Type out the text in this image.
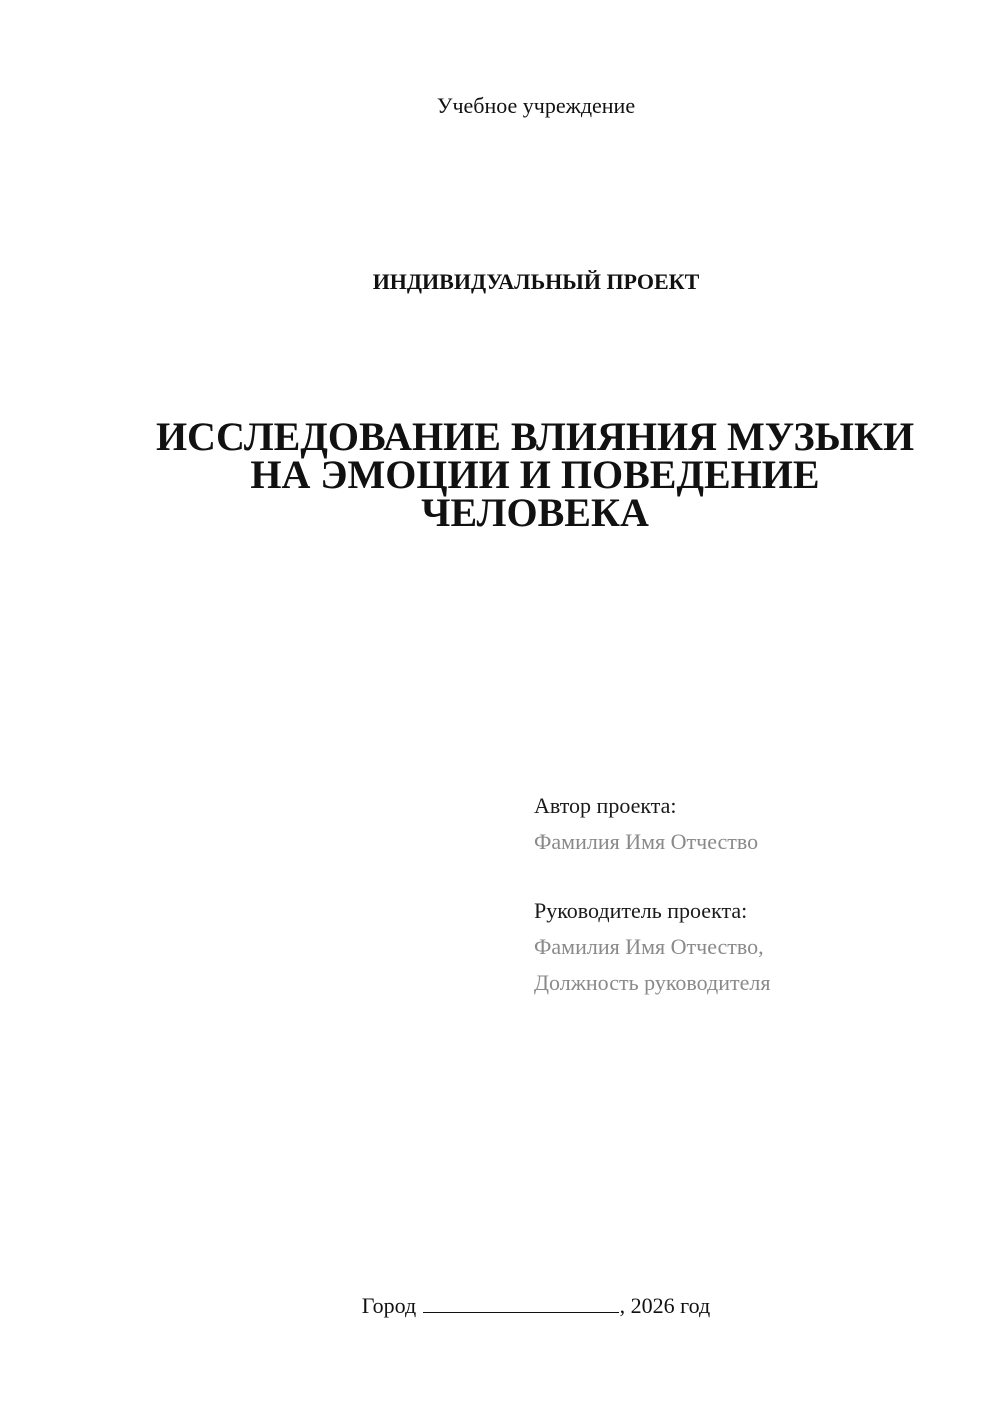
Учебное учреждение
ИНДИВИДУАЛЬНЫЙ ПРОЕКТ
ИССЛЕДОВАНИЕ ВЛИЯНИЯ МУЗЫКИ
НА ЭМОЦИИ И ПОВЕДЕНИЕ
ЧЕЛОВЕКА
Автор проекта:
Фамилия Имя Отчество
Руководитель проекта:
Фамилия Имя Отчество,
Должность руководителя
Город	, 2026 год
